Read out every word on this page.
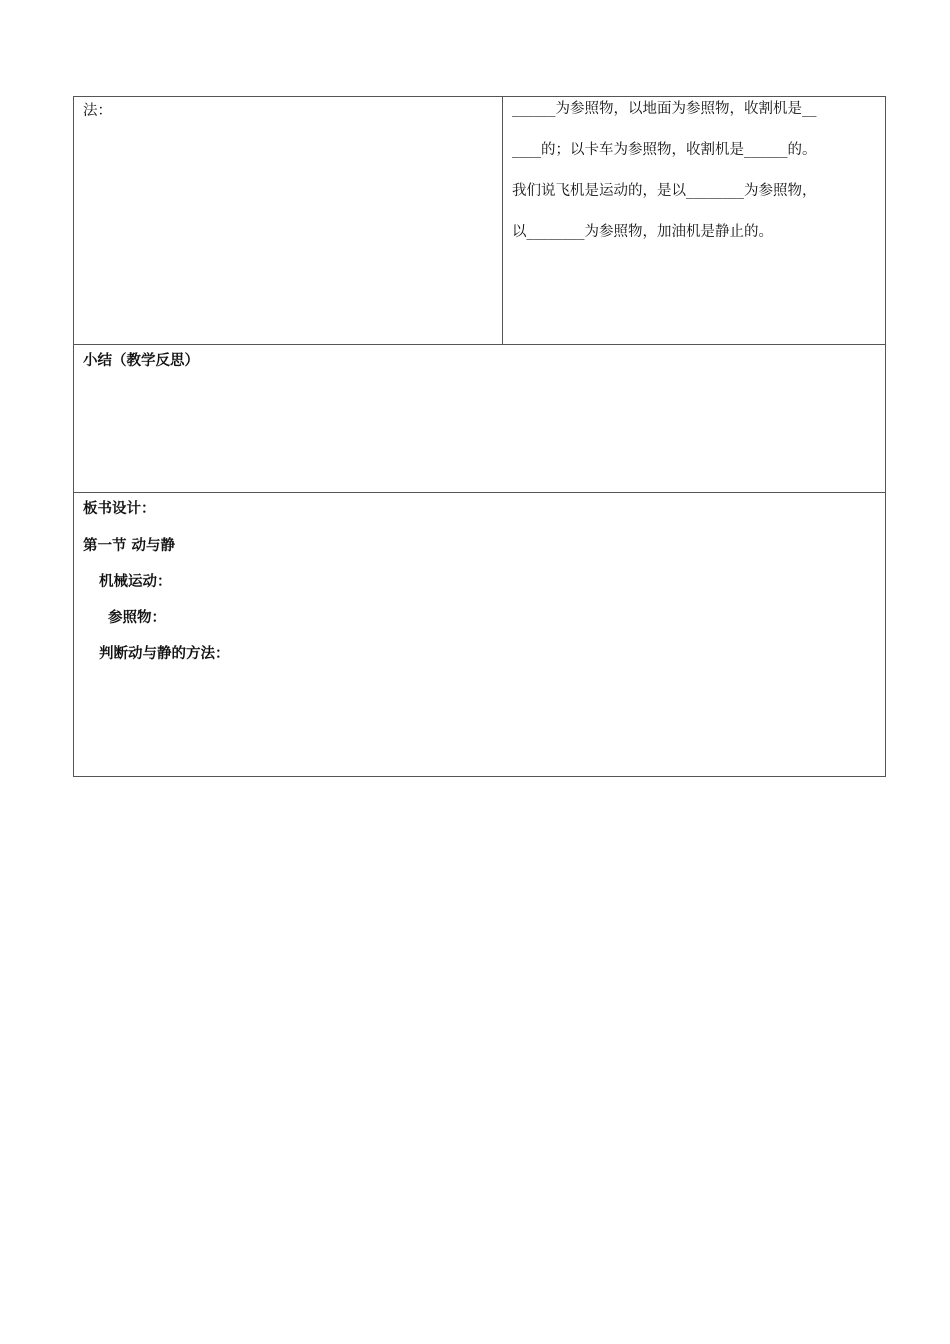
法：	______为参照物，以地面为参照物，收割机是__
____的；以卡车为参照物，收割机是______的。
我们说飞机是运动的，是以________为参照物，
以________为参照物，加油机是静止的。

小结（教学反思）

板书设计：
第一节 动与静
机械运动：
参照物：
判断动与静的方法：
